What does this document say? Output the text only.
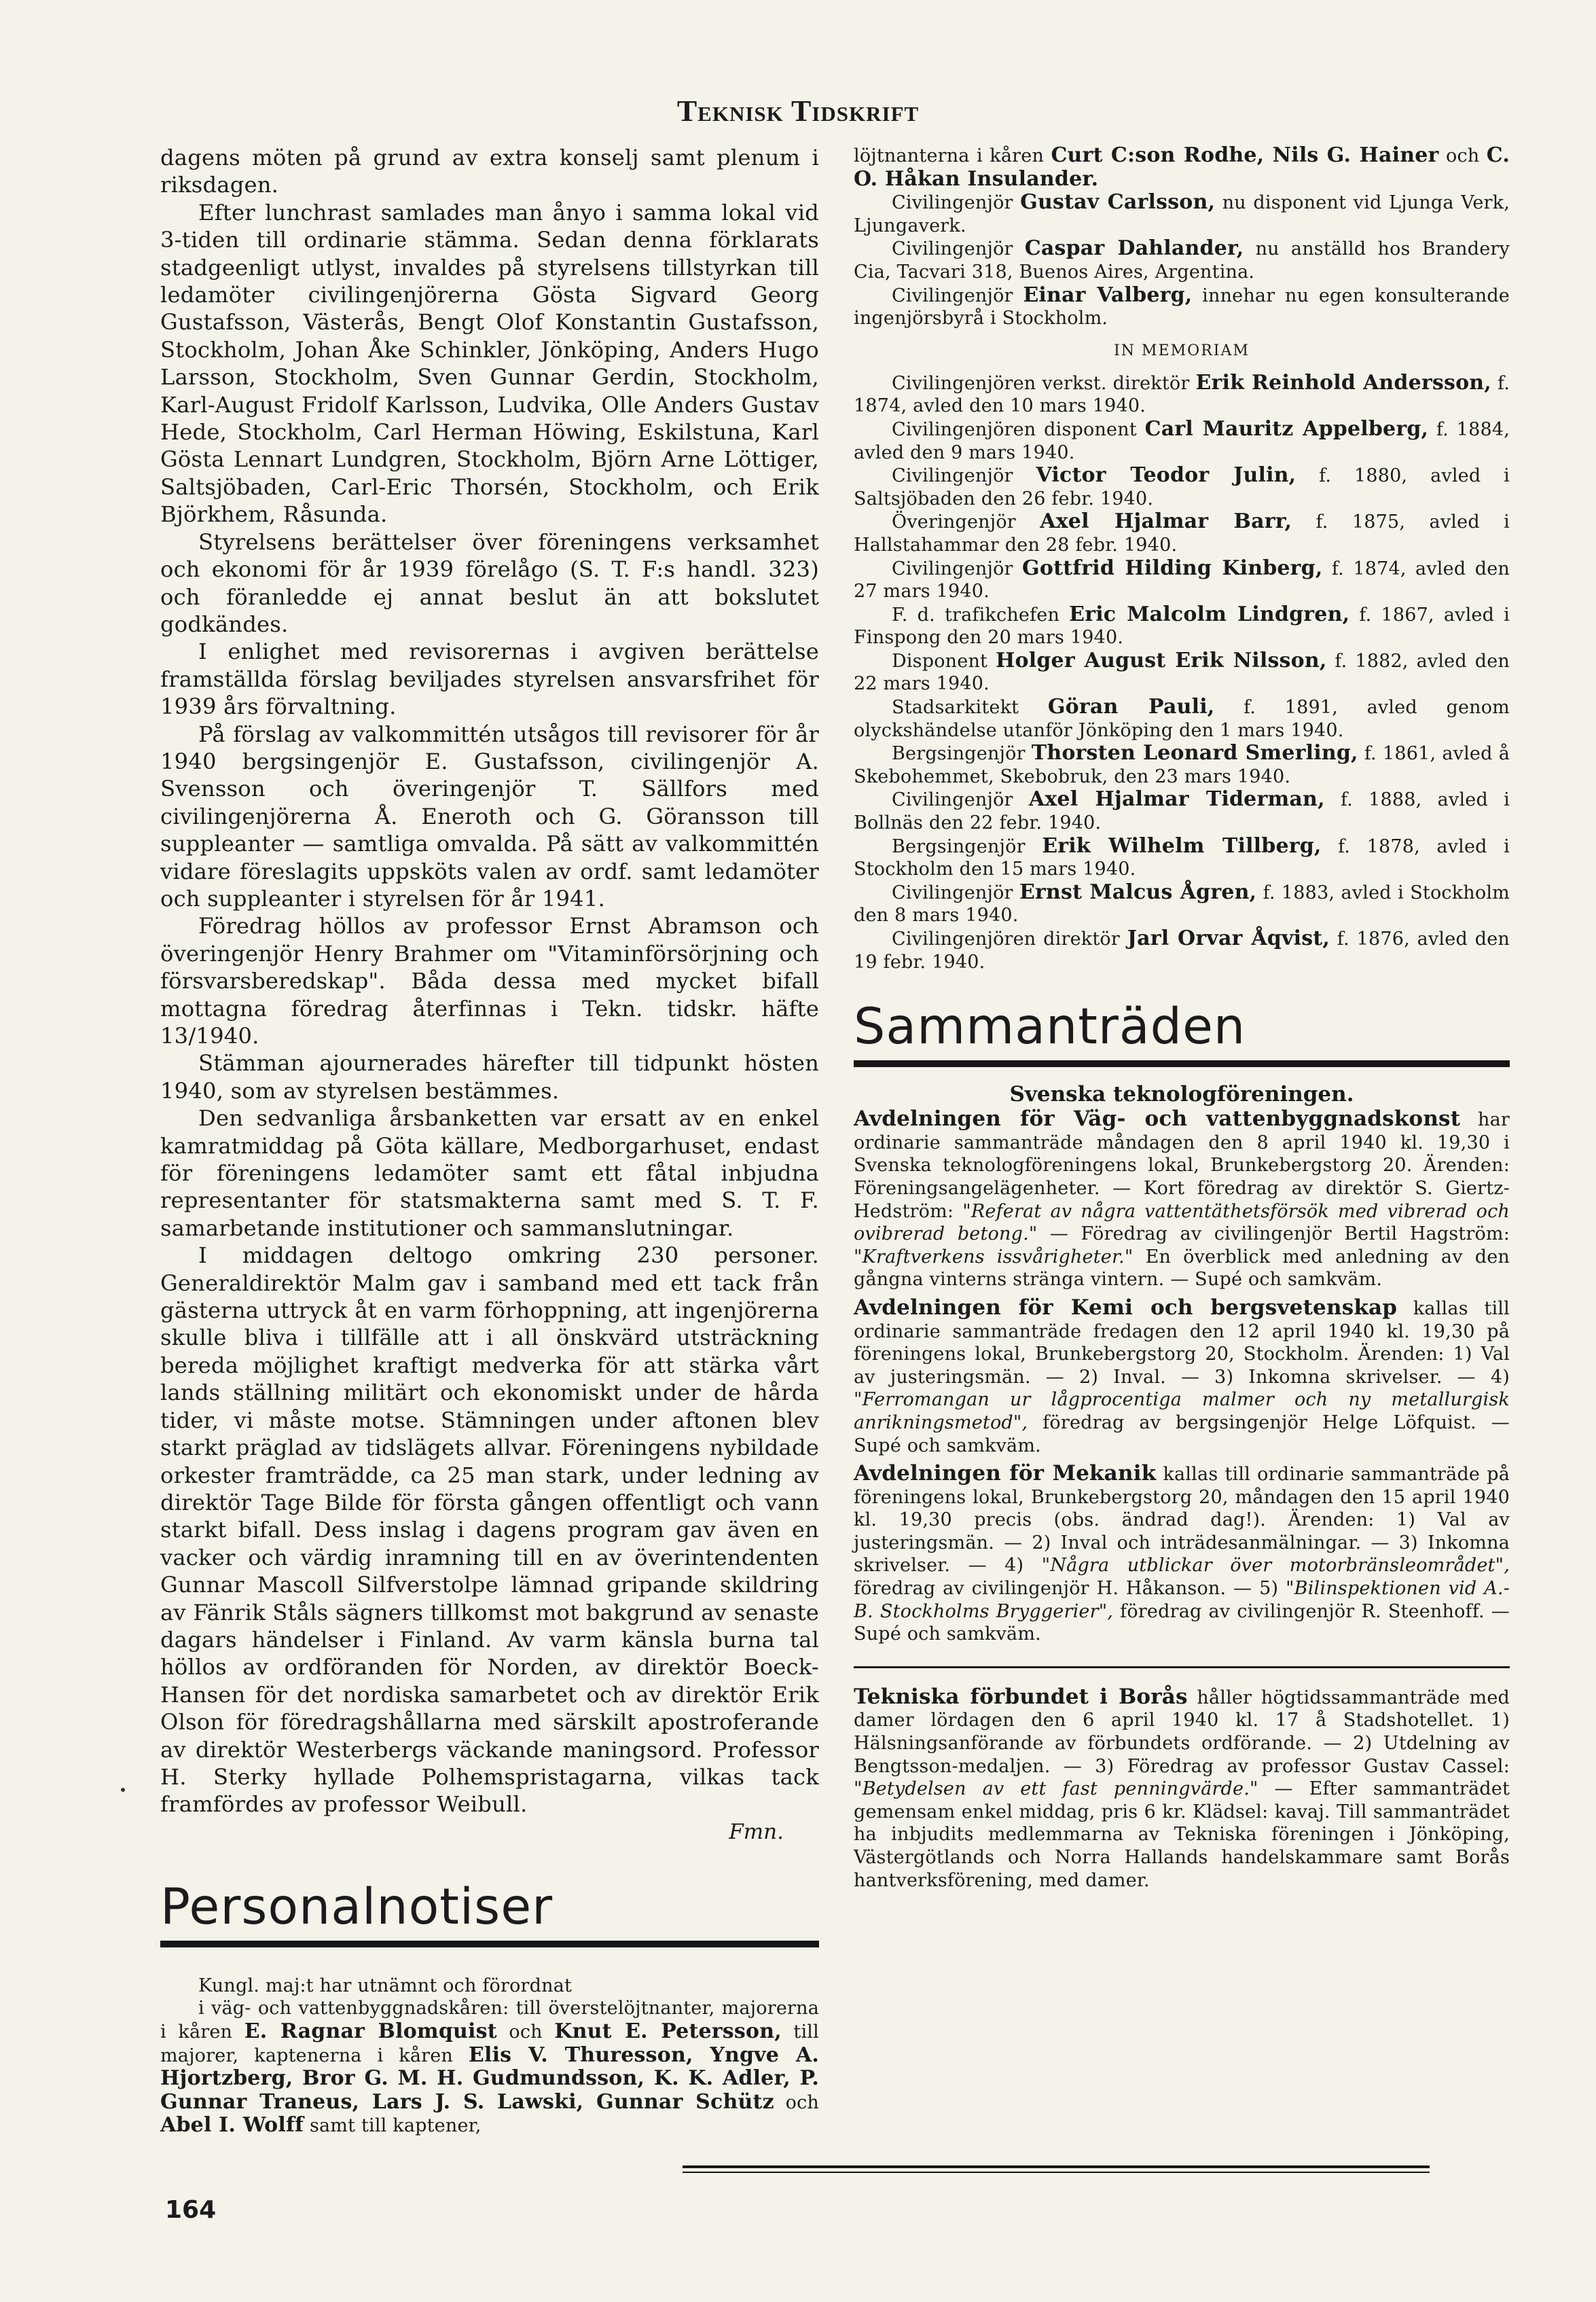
Teknisk Tidskrift

dagens möten på grund av extra konselj samt plenum i riksdagen.

Efter lunchrast samlades man ånyo i samma lokal vid 3-tiden till ordinarie stämma. Sedan denna förklarats stadgeenligt utlyst, invaldes på styrelsens tillstyrkan till ledamöter civilingenjörerna Gösta Sigvard Georg Gustafsson, Västerås, Bengt Olof Konstantin Gustafsson, Stockholm, Johan Åke Schinkler, Jönköping, Anders Hugo Larsson, Stockholm, Sven Gunnar Gerdin, Stockholm, Karl-August Fridolf Karlsson, Ludvika, Olle Anders Gustav Hede, Stockholm, Carl Herman Höwing, Eskilstuna, Karl Gösta Lennart Lundgren, Stockholm, Björn Arne Löttiger, Saltsjöbaden, Carl-Eric Thorsén, Stockholm, och Erik Björkhem, Råsunda.

Styrelsens berättelser över föreningens verksamhet och ekonomi för år 1939 förelågo (S. T. F:s handl. 323) och föranledde ej annat beslut än att bokslutet godkändes.

I enlighet med revisorernas i avgiven berättelse framställda förslag beviljades styrelsen ansvarsfrihet för 1939 års förvaltning.

På förslag av valkommittén utsågos till revisorer för år 1940 bergsingenjör E. Gustafsson, civilingenjör A. Svensson och överingenjör T. Sällfors med civilingenjörerna Å. Eneroth och G. Göransson till suppleanter — samtliga omvalda. På sätt av valkommittén vidare föreslagits uppsköts valen av ordf. samt ledamöter och suppleanter i styrelsen för år 1941.

Föredrag höllos av professor Ernst Abramson och överingenjör Henry Brahmer om "Vitaminförsörjning och försvarsberedskap". Båda dessa med mycket bifall mottagna föredrag återfinnas i Tekn. tidskr. häfte 13/1940.

Stämman ajournerades härefter till tidpunkt hösten 1940, som av styrelsen bestämmes.

Den sedvanliga årsbanketten var ersatt av en enkel kamratmiddag på Göta källare, Medborgarhuset, endast för föreningens ledamöter samt ett fåtal inbjudna representanter för statsmakterna samt med S. T. F. samarbetande institutioner och sammanslutningar.

I middagen deltogo omkring 230 personer. Generaldirektör Malm gav i samband med ett tack från gästerna uttryck åt en varm förhoppning, att ingenjörerna skulle bliva i tillfälle att i all önskvärd utsträckning bereda möjlighet kraftigt medverka för att stärka vårt lands ställning militärt och ekonomiskt under de hårda tider, vi måste motse. Stämningen under aftonen blev starkt präglad av tidslägets allvar. Föreningens nybildade orkester framträdde, ca 25 man stark, under ledning av direktör Tage Bilde för första gången offentligt och vann starkt bifall. Dess inslag i dagens program gav även en vacker och värdig inramning till en av överintendenten Gunnar Mascoll Silfverstolpe lämnad gripande skildring av Fänrik Ståls sägners tillkomst mot bakgrund av senaste dagars händelser i Finland. Av varm känsla burna tal höllos av ordföranden för Norden, av direktör Boeck-Hansen för det nordiska samarbetet och av direktör Erik Olson för föredragshållarna med särskilt apostroferande av direktör Westerbergs väckande maningsord. Professor H. Sterky hyllade Polhemspristagarna, vilkas tack framfördes av professor Weibull.

Fmn.

Personalnotiser

Kungl. maj:t har utnämnt och förordnat

i väg- och vattenbyggnadskåren: till överstelöjtnanter, majorerna i kåren E. Ragnar Blomquist och Knut E. Petersson, till majorer, kaptenerna i kåren Elis V. Thuresson, Yngve A. Hjortzberg, Bror G. M. H. Gudmundsson, K. K. Adler, P. Gunnar Traneus, Lars J. S. Lawski, Gunnar Schütz och Abel I. Wolff samt till kaptener,

löjtnanterna i kåren Curt C:son Rodhe, Nils G. Hainer och C. O. Håkan Insulander.

Civilingenjör Gustav Carlsson, nu disponent vid Ljunga Verk, Ljungaverk.

Civilingenjör Caspar Dahlander, nu anställd hos Brandery Cia, Tacvari 318, Buenos Aires, Argentina.

Civilingenjör Einar Valberg, innehar nu egen konsulterande ingenjörsbyrå i Stockholm.

IN MEMORIAM

Civilingenjören verkst. direktör Erik Reinhold Andersson, f. 1874, avled den 10 mars 1940.

Civilingenjören disponent Carl Mauritz Appelberg, f. 1884, avled den 9 mars 1940.

Civilingenjör Victor Teodor Julin, f. 1880, avled i Saltsjöbaden den 26 febr. 1940.

Överingenjör Axel Hjalmar Barr, f. 1875, avled i Hallstahammar den 28 febr. 1940.

Civilingenjör Gottfrid Hilding Kinberg, f. 1874, avled den 27 mars 1940.

F. d. trafikchefen Eric Malcolm Lindgren, f. 1867, avled i Finspong den 20 mars 1940.

Disponent Holger August Erik Nilsson, f. 1882, avled den 22 mars 1940.

Stadsarkitekt Göran Pauli, f. 1891, avled genom olyckshändelse utanför Jönköping den 1 mars 1940.

Bergsingenjör Thorsten Leonard Smerling, f. 1861, avled å Skebohemmet, Skebobruk, den 23 mars 1940.

Civilingenjör Axel Hjalmar Tiderman, f. 1888, avled i Bollnäs den 22 febr. 1940.

Bergsingenjör Erik Wilhelm Tillberg, f. 1878, avled i Stockholm den 15 mars 1940.

Civilingenjör Ernst Malcus Ågren, f. 1883, avled i Stockholm den 8 mars 1940.

Civilingenjören direktör Jarl Orvar Åqvist, f. 1876, avled den 19 febr. 1940.

Sammanträden

Svenska teknologföreningen.

Avdelningen för Väg- och vattenbyggnadskonst har ordinarie sammanträde måndagen den 8 april 1940 kl. 19,30 i Svenska teknologföreningens lokal, Brunkebergstorg 20. Ärenden: Föreningsangelägenheter. — Kort föredrag av direktör S. Giertz-Hedström: "Referat av några vattentäthetsförsök med vibrerad och ovibrerad betong." — Föredrag av civilingenjör Bertil Hagström: "Kraftverkens issvårigheter." En överblick med anledning av den gångna vinterns stränga vintern. — Supé och samkväm.

Avdelningen för Kemi och bergsvetenskap kallas till ordinarie sammanträde fredagen den 12 april 1940 kl. 19,30 på föreningens lokal, Brunkebergstorg 20, Stockholm. Ärenden: 1) Val av justeringsmän. — 2) Inval. — 3) Inkomna skrivelser. — 4) "Ferromangan ur lågprocentiga malmer och ny metallurgisk anrikningsmetod", föredrag av bergsingenjör Helge Löfquist. — Supé och samkväm.

Avdelningen för Mekanik kallas till ordinarie sammanträde på föreningens lokal, Brunkebergstorg 20, måndagen den 15 april 1940 kl. 19,30 precis (obs. ändrad dag!). Ärenden: 1) Val av justeringsmän. — 2) Inval och inträdesanmälningar. — 3) Inkomna skrivelser. — 4) "Några utblickar över motorbränsleområdet", föredrag av civilingenjör H. Håkanson. — 5) "Bilinspektionen vid A.-B. Stockholms Bryggerier", föredrag av civilingenjör R. Steenhoff. — Supé och samkväm.

Tekniska förbundet i Borås håller högtidssammanträde med damer lördagen den 6 april 1940 kl. 17 å Stadshotellet. 1) Hälsningsanförande av förbundets ordförande. — 2) Utdelning av Bengtsson-medaljen. — 3) Föredrag av professor Gustav Cassel: "Betydelsen av ett fast penningvärde." — Efter sammanträdet gemensam enkel middag, pris 6 kr. Klädsel: kavaj. Till sammanträdet ha inbjudits medlemmarna av Tekniska föreningen i Jönköping, Västergötlands och Norra Hallands handelskammare samt Borås hantverksförening, med damer.

164
